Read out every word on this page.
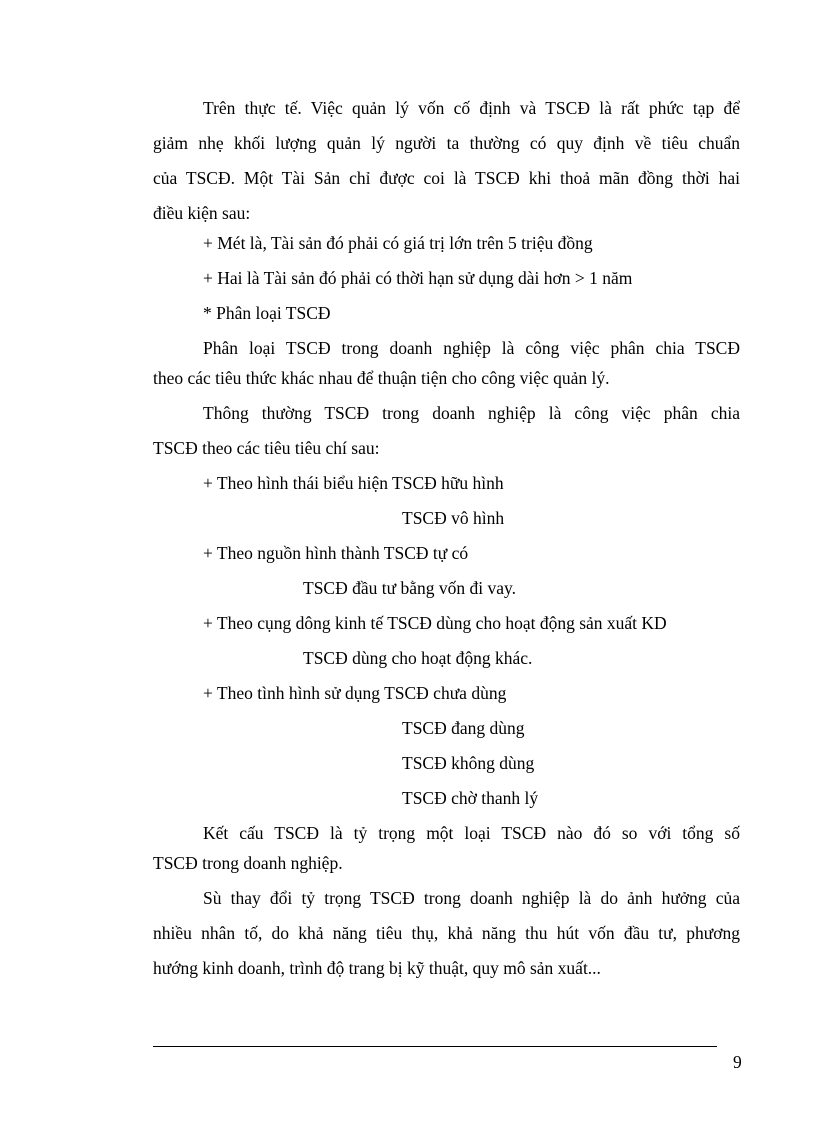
Trên thực tế. Việc quản lý vốn cố định và TSCĐ là rất phức tạp để
giảm nhẹ khối lượng quản lý người ta thường có quy định về tiêu chuẩn
của TSCĐ. Một Tài Sản chỉ được coi là TSCĐ khi thoả mãn đồng thời hai
điều kiện sau:
+ Mét là, Tài sản đó phải có giá trị lớn trên 5 triệu đồng
+ Hai là Tài sản đó phải có thời hạn sử dụng dài hơn > 1 năm
* Phân loại TSCĐ
Phân loại TSCĐ trong doanh nghiệp là công việc phân chia TSCĐ
theo các tiêu thức khác nhau để thuận tiện cho công việc quản lý.
Thông thường TSCĐ trong doanh nghiệp là công việc phân chia
TSCĐ theo các tiêu tiêu chí sau:
+ Theo hình thái biểu hiện TSCĐ hữu hình
TSCĐ vô hình
+ Theo nguồn hình thành TSCĐ tự có
TSCĐ đầu tư bằng vốn đi vay.
+ Theo cụng dông kinh tế TSCĐ dùng cho hoạt động sản xuất KD
TSCĐ dùng cho hoạt động khác.
+ Theo tình hình sử dụng TSCĐ chưa dùng
TSCĐ đang dùng
TSCĐ không dùng
TSCĐ chờ thanh lý
Kết cấu TSCĐ là tỷ trọng một loại TSCĐ nào đó so với tổng số
TSCĐ trong doanh nghiệp.
Sù thay đổi tỷ trọng TSCĐ trong doanh nghiệp là do ảnh hưởng của
nhiều nhân tố, do khả năng tiêu thụ, khả năng thu hút vốn đầu tư, phương
hướng kinh doanh, trình độ trang bị kỹ thuật, quy mô sản xuất...
9
